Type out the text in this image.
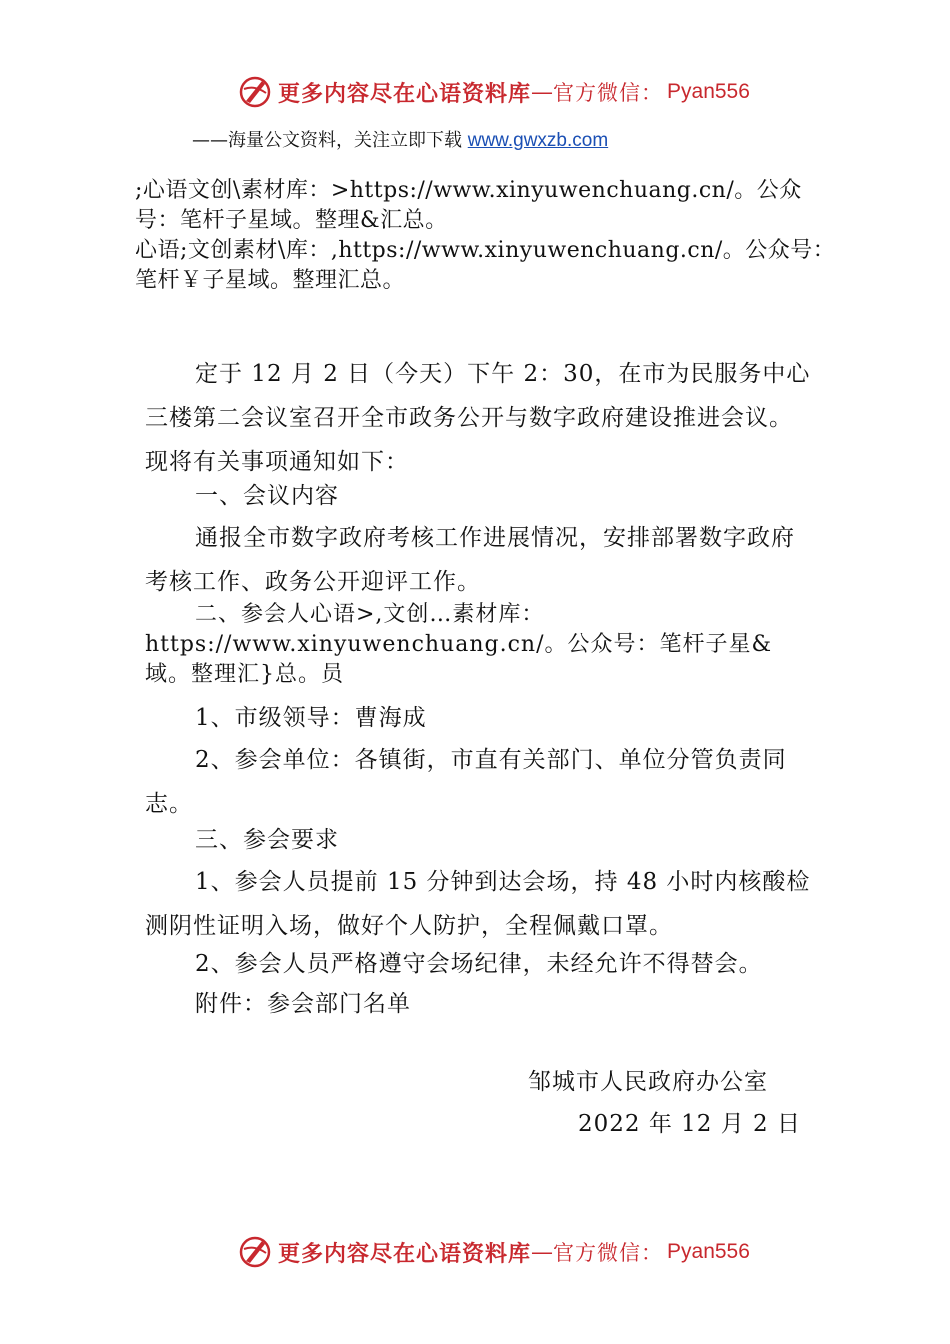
更多内容尽在心语资料库 — 官方微信： Pyan556
——海量公文资料，关注立即下载 www.gwxzb.com
;心语文创\素材库：>https://www.xinyuwenchuang.cn/。公众号：笔杆子星域。整理&汇总。
心语;文创素材\库：,https://www.xinyuwenchuang.cn/。公众号：笔杆￥子星域。整理汇总。
定于 12 月 2 日（今天）下午 2：30，在市为民服务中心三楼第二会议室召开全市政务公开与数字政府建设推进会议。现将有关事项通知如下：
一、会议内容
通报全市数字政府考核工作进展情况，安排部署数字政府考核工作、政务公开迎评工作。
二、参会人心语>,文创…素材库：https://www.xinyuwenchuang.cn/。公众号：笔杆子星&域。整理汇}总。员
1、市级领导：曹海成
2、参会单位：各镇街，市直有关部门、单位分管负责同志。
三、参会要求
1、参会人员提前 15 分钟到达会场，持 48 小时内核酸检测阴性证明入场，做好个人防护，全程佩戴口罩。
2、参会人员严格遵守会场纪律，未经允许不得替会。
附件：参会部门名单
邹城市人民政府办公室
2022 年 12 月 2 日
更多内容尽在心语资料库 — 官方微信： Pyan556
